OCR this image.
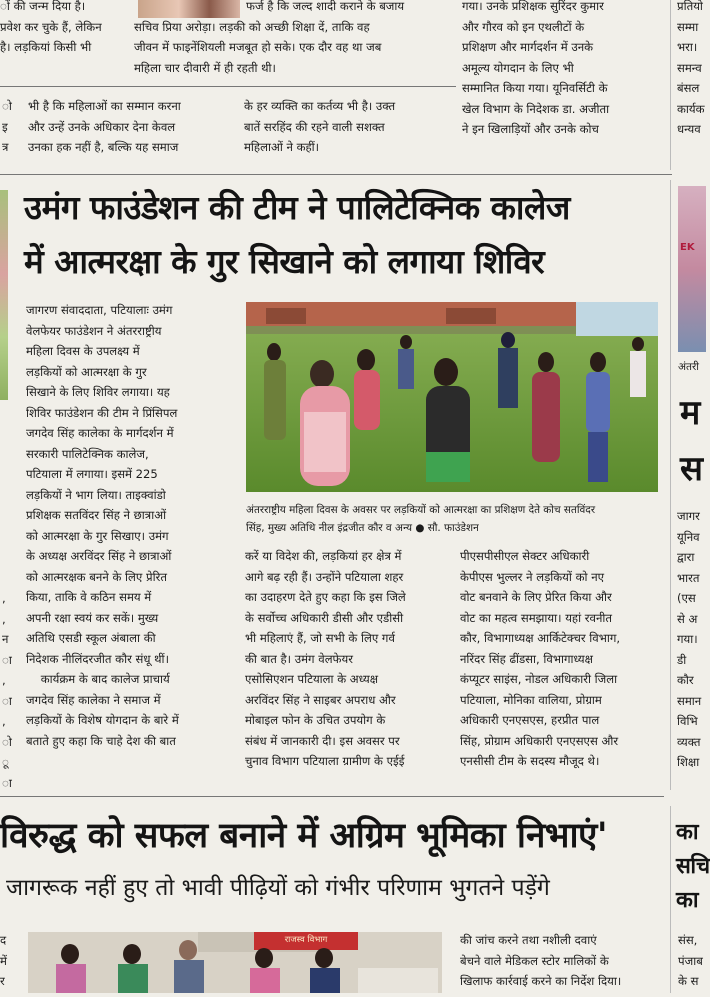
ों की जन्म दिया है।
प्रवेश कर चुके हैं, लेकिन
है। लड़कियां किसी भी
फर्ज है कि जल्द शादी कराने के बजाय
सचिव प्रिया अरोड़ा। लड़की को अच्छी शिक्षा दें, ताकि वह
जीवन में फाइनेंशियली मजबूत हो सके। एक दौर वह था जब
महिला चार दीवारी में ही रहती थी।
गया। उनके प्रशिक्षक सुरिंदर कुमार
और गौरव को इन एथलीटों के
प्रशिक्षण और मार्गदर्शन में उनके
अमूल्य योगदान के लिए भी
सम्मानित किया गया। यूनिवर्सिटी के
खेल विभाग के निदेशक डा. अजीता
ने इन खिलाड़ियों और उनके कोच
प्रतियो
सम्मा
भरा।
समन्व
बंसल
कार्यक
धन्यव
ो
इ
त्र
भी है कि महिलाओं का सम्मान करना
और उन्हें उनके अधिकार देना केवल
उनका हक नहीं है, बल्कि यह समाज
के हर व्यक्ति का कर्तव्य भी है। उक्त
बातें सरहिंद की रहने वाली सशक्त
महिलाओं ने कहीं।
उमंग फाउंडेशन की टीम ने पालिटेक्निक कालेज
में आत्मरक्षा के गुर सिखाने को लगाया शिविर
जागरण संवाददाता, पटियालाः उमंग
वेलफेयर फाउंडेशन ने अंतरराष्ट्रीय
महिला दिवस के उपलक्ष्य में
लड़कियों को आत्मरक्षा के गुर
सिखाने के लिए शिविर लगाया। यह
शिविर फाउंडेशन की टीम ने प्रिंसिपल
जगदेव सिंह कालेका के मार्गदर्शन में
सरकारी पालिटेक्निक कालेज,
पटियाला में लगाया। इसमें 225
लड़कियों ने भाग लिया। ताइक्वांडो
प्रशिक्षक सतविंदर सिंह ने छात्राओं
को आत्मरक्षा के गुर सिखाए। उमंग
के अध्यक्ष अरविंदर सिंह ने छात्राओं
को आत्मरक्षक बनने के लिए प्रेरित
किया, ताकि वे कठिन समय में
अपनी रक्षा स्वयं कर सकें। मुख्य
अतिथि एसडी स्कूल अंबाला की
निदेशक नीलिंदरजीत कौर संधू थीं।
कार्यक्रम के बाद कालेज प्राचार्य
जगदेव सिंह कालेका ने समाज में
लड़कियों के विशेष योगदान के बारे में
बताते हुए कहा कि चाहे देश की बात
,
,
न
ा
,
ा
,
ो
ू
ा
अंतरराष्ट्रीय महिला दिवस के अवसर पर लड़कियों को आत्मरक्षा का प्रशिक्षण देते कोच सतविंदर
सिंह, मुख्य अतिथि नील इंद्रजीत कौर व अन्य ● सौ. फाउंडेशन
करें या विदेश की, लड़कियां हर क्षेत्र में
आगे बढ़ रही हैं। उन्होंने पटियाला शहर
का उदाहरण देते हुए कहा कि इस जिले
के सर्वोच्च अधिकारी डीसी और एडीसी
भी महिलाएं हैं, जो सभी के लिए गर्व
की बात है। उमंग वेलफेयर
एसोसिएशन पटियाला के अध्यक्ष
अरविंदर सिंह ने साइबर अपराध और
मोबाइल फोन के उचित उपयोग के
संबंध में जानकारी दी। इस अवसर पर
चुनाव विभाग पटियाला ग्रामीण के एईई
पीएसपीसीएल सेक्टर अधिकारी
केपीएस भुल्लर ने लड़कियों को नए
वोट बनवाने के लिए प्रेरित किया और
वोट का महत्व समझाया। यहां रवनीत
कौर, विभागाध्यक्ष आर्किटेक्चर विभाग,
नरिंदर सिंह ढींडसा, विभागाध्यक्ष
कंप्यूटर साइंस, नोडल अधिकारी जिला
पटियाला, मोनिका वालिया, प्रोग्राम
अधिकारी एनएसएस, हरप्रीत पाल
सिंह, प्रोग्राम अधिकारी एनएसएस और
एनसीसी टीम के सदस्य मौजूद थे।
EK
अंतरी
म
स
जागर
यूनिव
द्वारा
भारत
(एस
से अ
गया।
डी
कौर
समान
विभि
व्यक्त
शिक्षा
विरुद्ध को सफल बनाने में अग्रिम भूमिका निभाएं'
जागरूक नहीं हुए तो भावी पीढ़ियों को गंभीर परिणाम भुगतने पड़ेंगे
का
सचि
का
द
में
र
राजस्व विभाग	की जांच करने तथा नशीली दवाएं
बेचने वाले मेडिकल स्टोर मालिकों के
खिलाफ कार्रवाई करने का निर्देश दिया।
संस,
पंजाब
के स
